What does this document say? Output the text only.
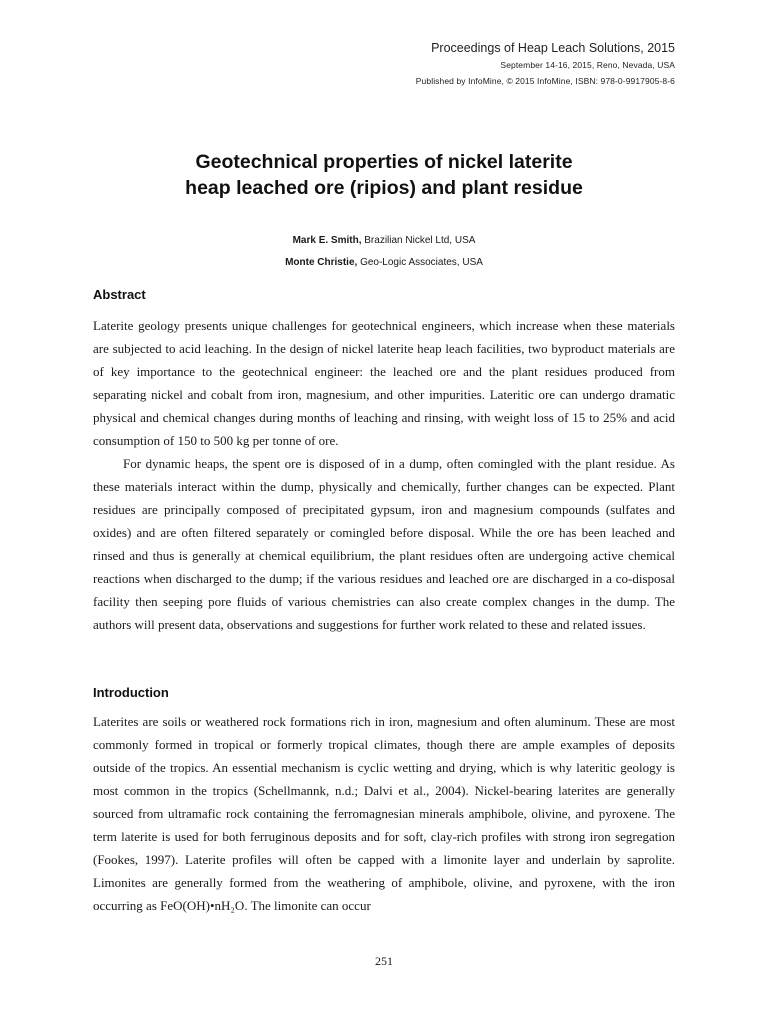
Proceedings of Heap Leach Solutions, 2015
September 14-16, 2015, Reno, Nevada, USA
Published by InfoMine, © 2015 InfoMine, ISBN: 978-0-9917905-8-6
Geotechnical properties of nickel laterite
heap leached ore (ripios) and plant residue
Mark E. Smith, Brazilian Nickel Ltd, USA
Monte Christie, Geo-Logic Associates, USA
Abstract

Laterite geology presents unique challenges for geotechnical engineers, which increase when these materials are subjected to acid leaching. In the design of nickel laterite heap leach facilities, two byproduct materials are of key importance to the geotechnical engineer: the leached ore and the plant residues produced from separating nickel and cobalt from iron, magnesium, and other impurities. Lateritic ore can undergo dramatic physical and chemical changes during months of leaching and rinsing, with weight loss of 15 to 25% and acid consumption of 150 to 500 kg per tonne of ore.

For dynamic heaps, the spent ore is disposed of in a dump, often comingled with the plant residue. As these materials interact within the dump, physically and chemically, further changes can be expected. Plant residues are principally composed of precipitated gypsum, iron and magnesium compounds (sulfates and oxides) and are often filtered separately or comingled before disposal. While the ore has been leached and rinsed and thus is generally at chemical equilibrium, the plant residues often are undergoing active chemical reactions when discharged to the dump; if the various residues and leached ore are discharged in a co-disposal facility then seeping pore fluids of various chemistries can also create complex changes in the dump. The authors will present data, observations and suggestions for further work related to these and related issues.

Introduction

Laterites are soils or weathered rock formations rich in iron, magnesium and often aluminum. These are most commonly formed in tropical or formerly tropical climates, though there are ample examples of deposits outside of the tropics. An essential mechanism is cyclic wetting and drying, which is why lateritic geology is most common in the tropics (Schellmannk, n.d.; Dalvi et al., 2004). Nickel-bearing laterites are generally sourced from ultramafic rock containing the ferromagnesian minerals amphibole, olivine, and pyroxene. The term laterite is used for both ferruginous deposits and for soft, clay-rich profiles with strong iron segregation (Fookes, 1997). Laterite profiles will often be capped with a limonite layer and underlain by saprolite. Limonites are generally formed from the weathering of amphibole, olivine, and pyroxene, with the iron occurring as FeO(OH)•nH₂O. The limonite can occur

251
